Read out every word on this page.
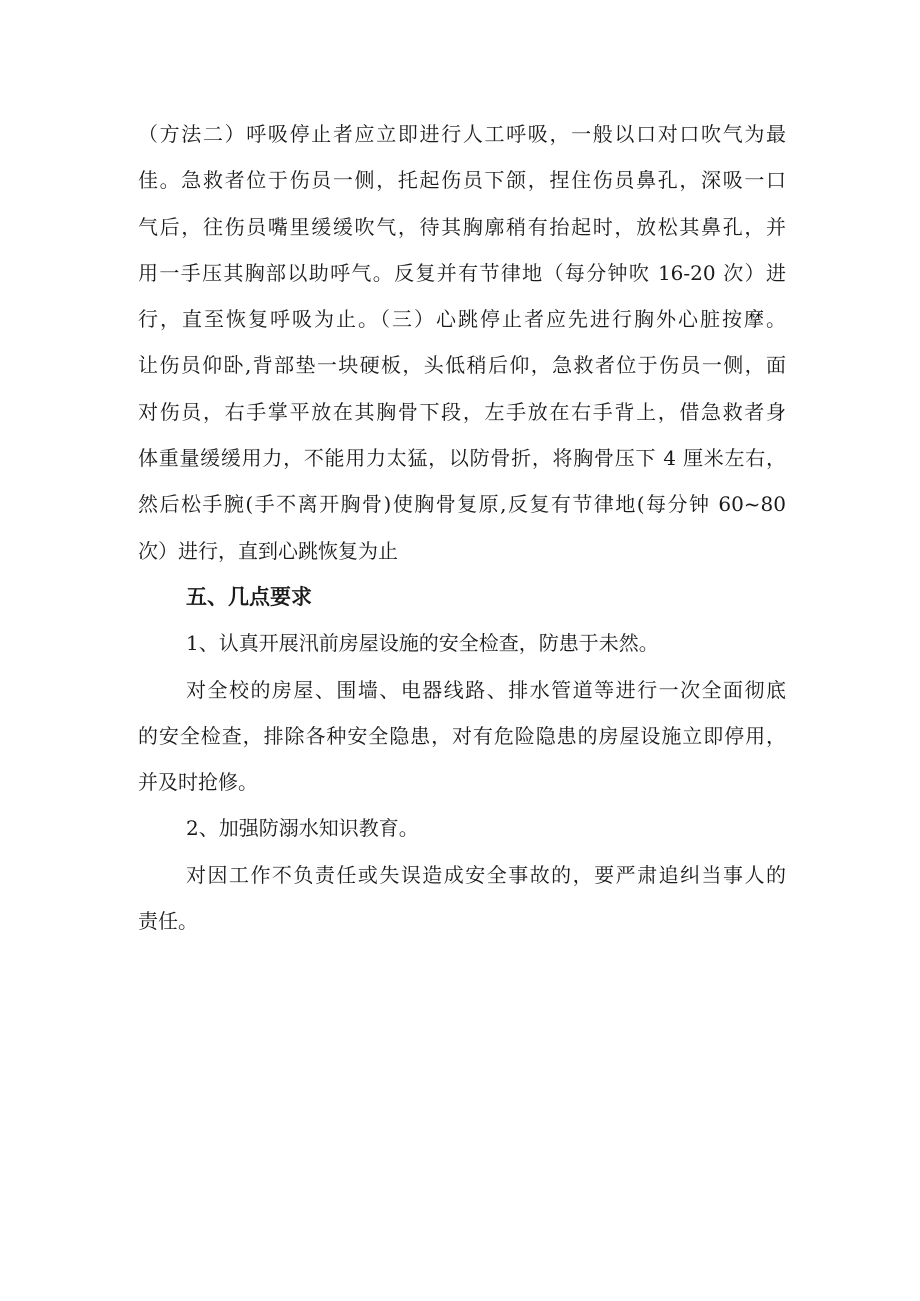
（方法二）呼吸停止者应立即进行人工呼吸，一般以口对口吹气为最
佳。急救者位于伤员一侧，托起伤员下颌，捏住伤员鼻孔，深吸一口
气后，往伤员嘴里缓缓吹气，待其胸廓稍有抬起时，放松其鼻孔，并
用一手压其胸部以助呼气。反复并有节律地（每分钟吹 16-20 次）进
行，直至恢复呼吸为止。（三）心跳停止者应先进行胸外心脏按摩。
让伤员仰卧,背部垫一块硬板，头低稍后仰，急救者位于伤员一侧，面
对伤员，右手掌平放在其胸骨下段，左手放在右手背上，借急救者身
体重量缓缓用力，不能用力太猛，以防骨折，将胸骨压下 4 厘米左右，
然后松手腕(手不离开胸骨)使胸骨复原,反复有节律地(每分钟 60~80
次）进行，直到心跳恢复为止
五、几点要求
1、认真开展汛前房屋设施的安全检查，防患于未然。
对全校的房屋、围墙、电器线路、排水管道等进行一次全面彻底
的安全检查，排除各种安全隐患，对有危险隐患的房屋设施立即停用，
并及时抢修。
2、加强防溺水知识教育。
对因工作不负责任或失误造成安全事故的，要严肃追纠当事人的
责任。
